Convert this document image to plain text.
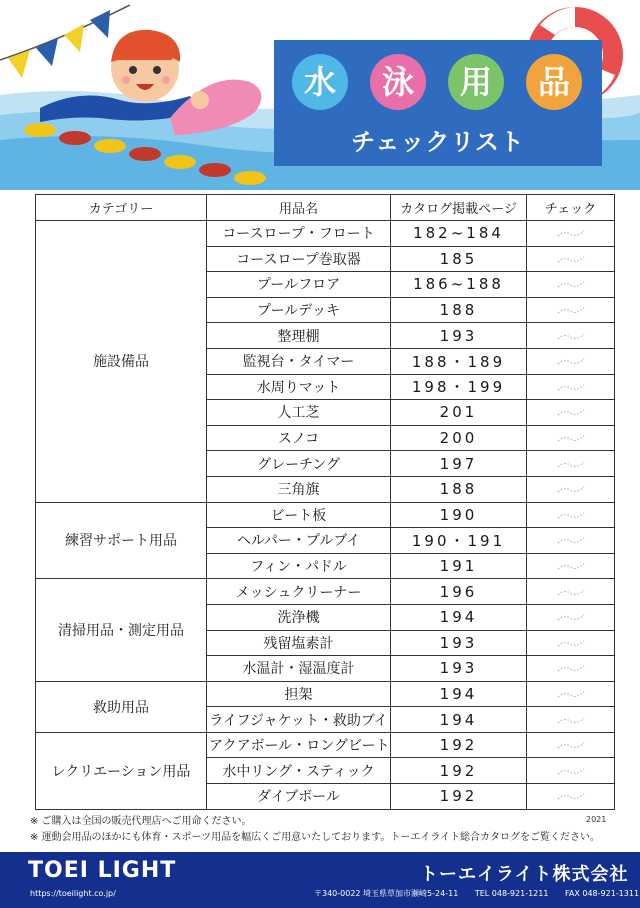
水	泳	用	品
チェックリスト
カテゴリー	用品名	カタログ掲載ページ	チェック
施設備品	コースロープ・フロート	182~184	
	コースロープ巻取器	185	
	プールフロア	186~188	
	プールデッキ	188	
	整理棚	193	
	監視台・タイマー	188・189	
	水周りマット	198・199	
	人工芝	201	
	スノコ	200	
	グレーチング	197	
	三角旗	188	
練習サポート用品	ビート板	190	
	ヘルパー・プルブイ	190・191	
	フィン・パドル	191	
清掃用品・測定用品	メッシュクリーナー	196	
	洗浄機	194	
	残留塩素計	193	
	水温計・湿温度計	193	
救助用品	担架	194	
	ライフジャケット・救助ブイ	194	
レクリエーション用品	アクアボール・ロングビート	192	
	水中リング・スティック	192	
	ダイブボール	192	
2021
※ ご購入は全国の販売代理店へご用命ください。
※ 運動会用品のほかにも体育・スポーツ用品を幅広くご用意いたしております。トーエイライト総合カタログをご覧ください。
TOEI LIGHT
https://toeilight.co.jp/
トーエイライト株式会社
〒340-0022 埼玉県草加市瀬崎5-24-11 TEL 048-921-1211 FAX 048-921-1311
